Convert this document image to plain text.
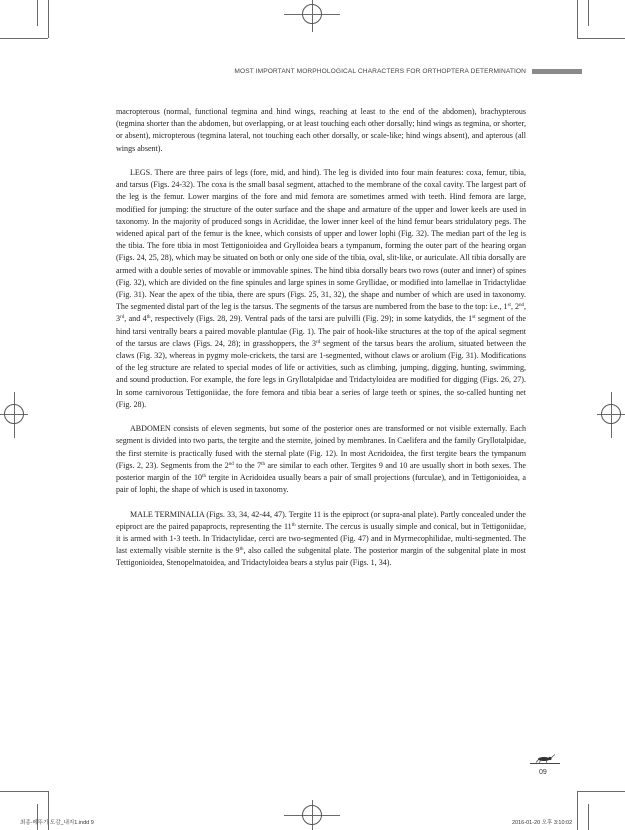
MOST IMPORTANT MORPHOLOGICAL CHARACTERS FOR ORTHOPTERA DETERMINATION

macropterous (normal, functional tegmina and hind wings, reaching at least to the end of the abdomen), brachypterous (tegmina shorter than the abdomen, but overlapping, or at least touching each other dorsally; hind wings as tegmina, or shorter, or absent), micropterous (tegmina lateral, not touching each other dorsally, or scale-like; hind wings absent), and apterous (all wings absent).

LEGS. There are three pairs of legs (fore, mid, and hind). The leg is divided into four main features: coxa, femur, tibia, and tarsus (Figs. 24-32). The coxa is the small basal segment, attached to the membrane of the coxal cavity. The largest part of the leg is the femur. Lower margins of the fore and mid femora are sometimes armed with teeth. Hind femora are large, modified for jumping: the structure of the outer surface and the shape and armature of the upper and lower keels are used in taxonomy. In the majority of produced songs in Acrididae, the lower inner keel of the hind femur bears stridulatory pegs. The widened apical part of the femur is the knee, which consists of upper and lower lophi (Fig. 32). The median part of the leg is the tibia. The fore tibia in most Tettigonioidea and Grylloidea bears a tympanum, forming the outer part of the hearing organ (Figs. 24, 25, 28), which may be situated on both or only one side of the tibia, oval, slit-like, or auriculate. All tibia dorsally are armed with a double series of movable or immovable spines. The hind tibia dorsally bears two rows (outer and inner) of spines (Fig. 32), which are divided on the fine spinules and large spines in some Gryllidae, or modified into lamellae in Tridactylidae (Fig. 31). Near the apex of the tibia, there are spurs (Figs. 25, 31, 32), the shape and number of which are used in taxonomy. The segmented distal part of the leg is the tarsus. The segments of the tarsus are numbered from the base to the top: i.e., 1st, 2nd, 3rd, and 4th, respectively (Figs. 28, 29). Ventral pads of the tarsi are pulvilli (Fig. 29); in some katydids, the 1st segment of the hind tarsi ventrally bears a paired movable plantulae (Fig. 1). The pair of hook-like structures at the top of the apical segment of the tarsus are claws (Figs. 24, 28); in grasshoppers, the 3rd segment of the tarsus bears the arolium, situated between the claws (Fig. 32), whereas in pygmy mole-crickets, the tarsi are 1-segmented, without claws or arolium (Fig. 31). Modifications of the leg structure are related to special modes of life or activities, such as climbing, jumping, digging, hunting, swimming, and sound production. For example, the fore legs in Gryllotalpidae and Tridactyloidea are modified for digging (Figs. 26, 27). In some carnivorous Tettigoniidae, the fore femora and tibia bear a series of large teeth or spines, the so-called hunting net (Fig. 28).

ABDOMEN consists of eleven segments, but some of the posterior ones are transformed or not visible externally. Each segment is divided into two parts, the tergite and the sternite, joined by membranes. In Caelifera and the family Gryllotalpidae, the first sternite is practically fused with the sternal plate (Fig. 12). In most Acridoidea, the first tergite bears the tympanum (Figs. 2, 23). Segments from the 2nd to the 7th are similar to each other. Tergites 9 and 10 are usually short in both sexes. The posterior margin of the 10th tergite in Acridoidea usually bears a pair of small projections (furculae), and in Tettigonioidea, a pair of lophi, the shape of which is used in taxonomy.

MALE TERMINALIA (Figs. 33, 34, 42-44, 47). Tergite 11 is the epiproct (or supra-anal plate). Partly concealed under the epiproct are the paired papaprocts, representing the 11th sternite. The cercus is usually simple and conical, but in Tettigoniidae, it is armed with 1-3 teeth. In Tridactylidae, cerci are two-segmented (Fig. 47) and in Myrmecophilidae, multi-segmented. The last externally visible sternite is the 9th, also called the subgenital plate. The posterior margin of the subgenital plate in most Tettigonioidea, Stenopelmatoidea, and Tridactyloidea bears a stylus pair (Figs. 1, 34).

09
최종-메뚜기 도감_내지1.indd 9	2016-01-20 오후 3:10:02
